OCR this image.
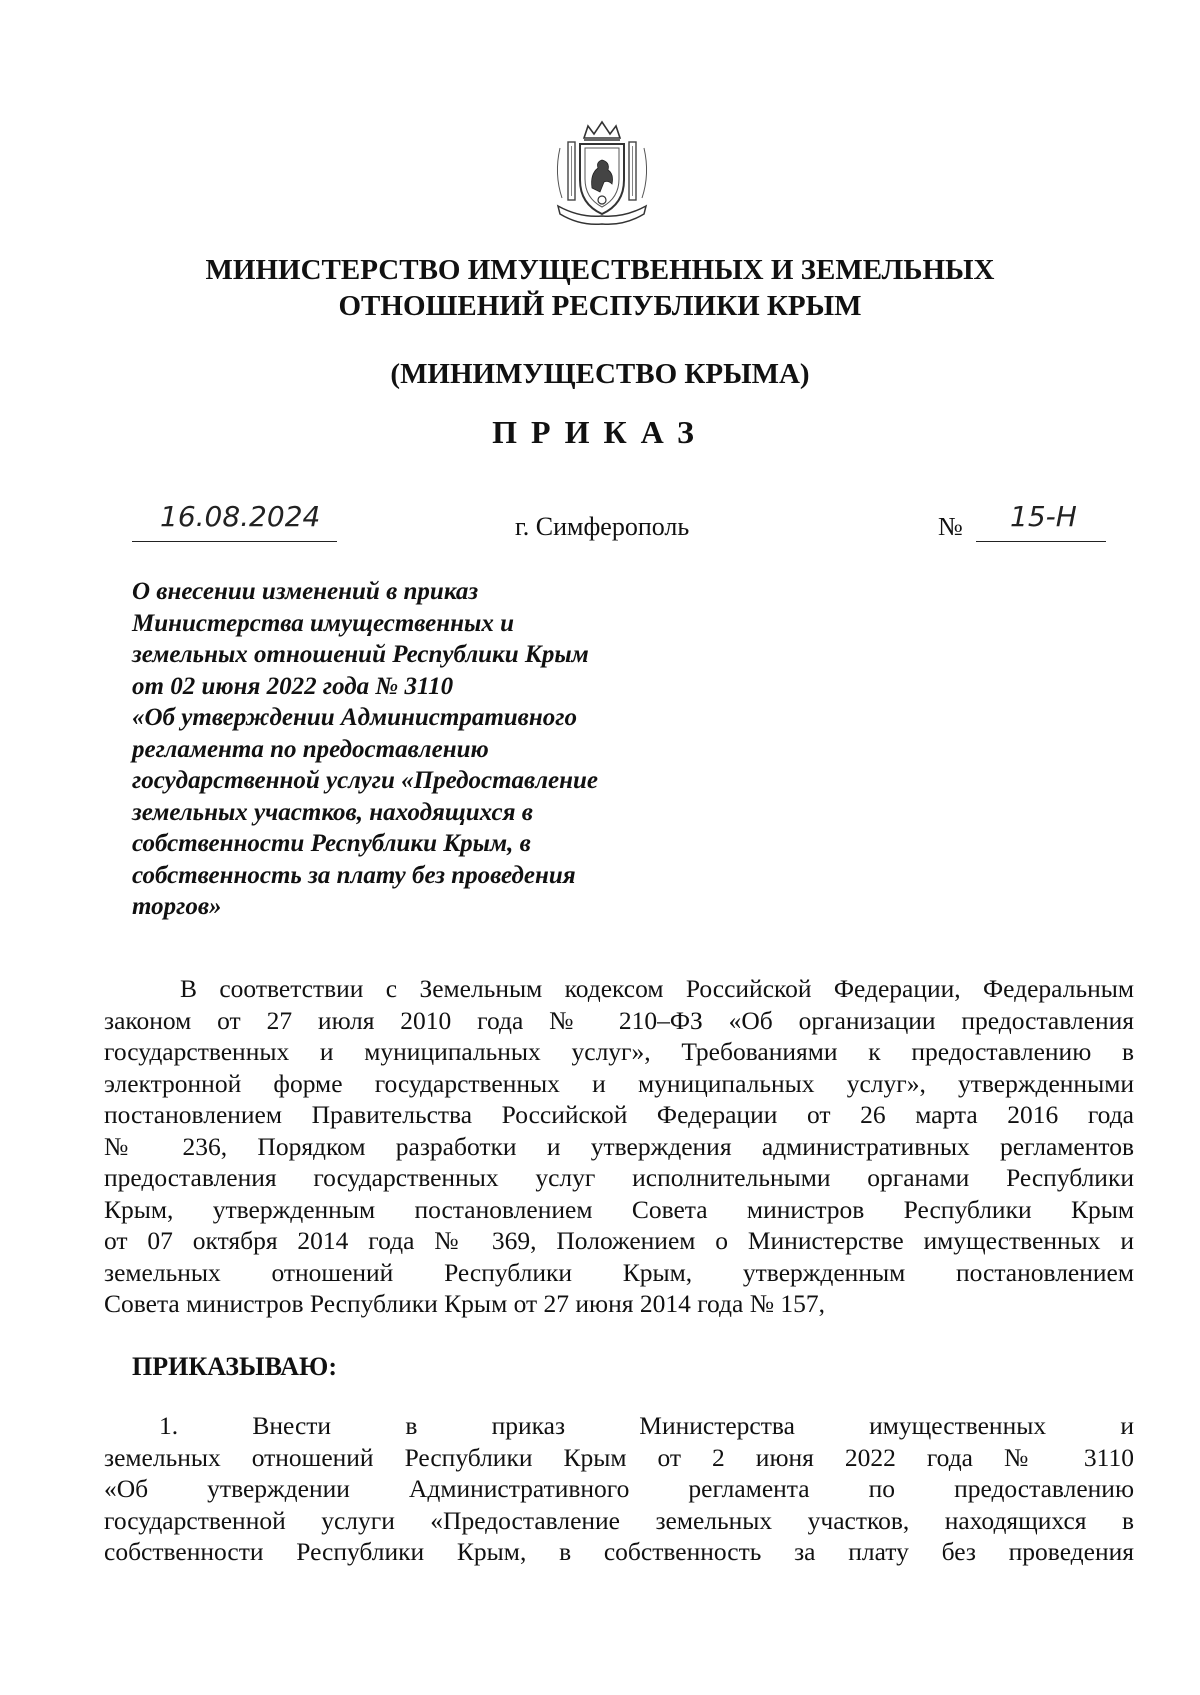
МИНИСТЕРСТВО ИМУЩЕСТВЕННЫХ И ЗЕМЕЛЬНЫХ
ОТНОШЕНИЙ РЕСПУБЛИКИ КРЫМ
(МИНИМУЩЕСТВО КРЫМА)
ПРИКАЗ
16.08.2024	г. Симферополь	№ 15-Н
О внесении изменений в приказ
Министерства имущественных и
земельных отношений Республики Крым
от 02 июня 2022 года № 3110
«Об утверждении Административного
регламента по предоставлению
государственной услуги «Предоставление
земельных участков, находящихся в
собственности Республики Крым, в
собственность за плату без проведения
торгов»
В соответствии с Земельным кодексом Российской Федерации, Федеральным
законом от 27 июля 2010 года № 210–ФЗ «Об организации предоставления
государственных и муниципальных услуг», Требованиями к предоставлению в
электронной форме государственных и муниципальных услуг», утвержденными
постановлением Правительства Российской Федерации от 26 марта 2016 года
№ 236, Порядком разработки и утверждения административных регламентов
предоставления государственных услуг исполнительными органами Республики
Крым, утвержденным постановлением Совета министров Республики Крым
от 07 октября 2014 года № 369, Положением о Министерстве имущественных и
земельных отношений Республики Крым, утвержденным постановлением
Совета министров Республики Крым от 27 июня 2014 года № 157,
ПРИКАЗЫВАЮ:
1. Внести в приказ Министерства имущественных и
земельных отношений Республики Крым от 2 июня 2022 года № 3110
«Об утверждении Административного регламента по предоставлению
государственной услуги «Предоставление земельных участков, находящихся в
собственности Республики Крым, в собственность за плату без проведения
